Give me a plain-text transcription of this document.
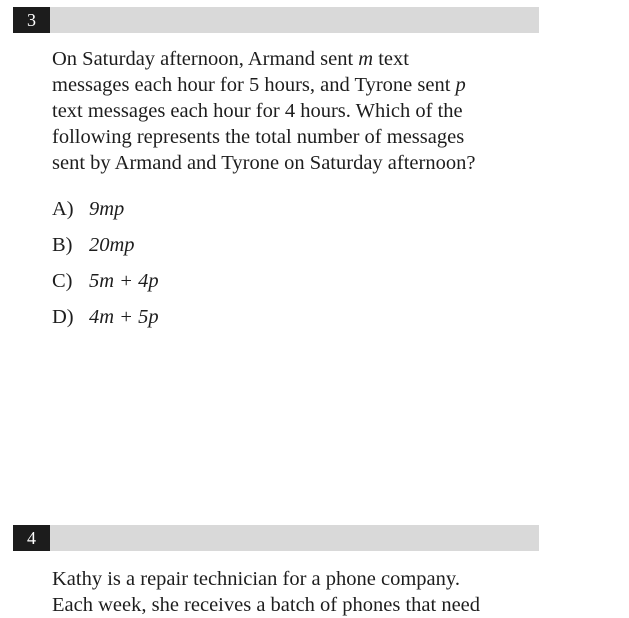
3

On Saturday afternoon, Armand sent m text
messages each hour for 5 hours, and Tyrone sent p
text messages each hour for 4 hours. Which of the
following represents the total number of messages
sent by Armand and Tyrone on Saturday afternoon?

A) 9mp
B) 20mp
C) 5m + 4p
D) 4m + 5p
4

Kathy is a repair technician for a phone company.
Each week, she receives a batch of phones that need
